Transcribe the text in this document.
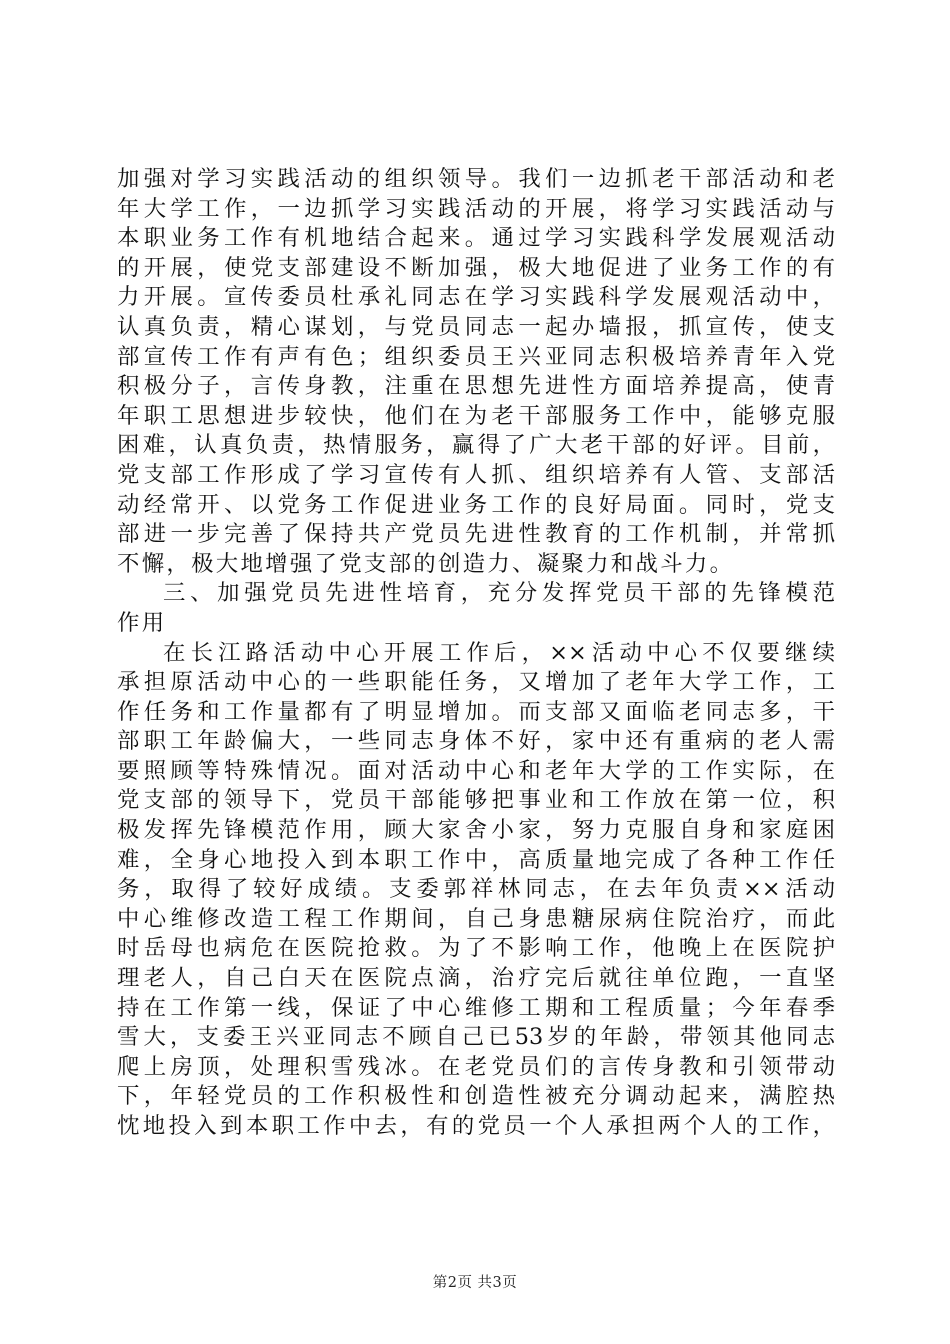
加强对学习实践活动的组织领导。我们一边抓老干部活动和老
年大学工作，一边抓学习实践活动的开展，将学习实践活动与
本职业务工作有机地结合起来。通过学习实践科学发展观活动
的开展，使党支部建设不断加强，极大地促进了业务工作的有
力开展。宣传委员杜承礼同志在学习实践科学发展观活动中，
认真负责，精心谋划，与党员同志一起办墙报，抓宣传，使支
部宣传工作有声有色；组织委员王兴亚同志积极培养青年入党
积极分子，言传身教，注重在思想先进性方面培养提高，使青
年职工思想进步较快，他们在为老干部服务工作中，能够克服
困难，认真负责，热情服务，赢得了广大老干部的好评。目前，
党支部工作形成了学习宣传有人抓、组织培养有人管、支部活
动经常开、以党务工作促进业务工作的良好局面。同时，党支
部进一步完善了保持共产党员先进性教育的工作机制，并常抓
不懈，极大地增强了党支部的创造力、凝聚力和战斗力。
三、加强党员先进性培育，充分发挥党员干部的先锋模范
作用
在长江路活动中心开展工作后，××活动中心不仅要继续
承担原活动中心的一些职能任务，又增加了老年大学工作，工
作任务和工作量都有了明显增加。而支部又面临老同志多，干
部职工年龄偏大，一些同志身体不好，家中还有重病的老人需
要照顾等特殊情况。面对活动中心和老年大学的工作实际，在
党支部的领导下，党员干部能够把事业和工作放在第一位，积
极发挥先锋模范作用，顾大家舍小家，努力克服自身和家庭困
难，全身心地投入到本职工作中，高质量地完成了各种工作任
务，取得了较好成绩。支委郭祥林同志，在去年负责××活动
中心维修改造工程工作期间，自己身患糖尿病住院治疗，而此
时岳母也病危在医院抢救。为了不影响工作，他晚上在医院护
理老人，自己白天在医院点滴，治疗完后就往单位跑，一直坚
持在工作第一线，保证了中心维修工期和工程质量；今年春季
雪大，支委王兴亚同志不顾自己已53岁的年龄，带领其他同志
爬上房顶，处理积雪残冰。在老党员们的言传身教和引领带动
下，年轻党员的工作积极性和创造性被充分调动起来，满腔热
忱地投入到本职工作中去，有的党员一个人承担两个人的工作，
第2页 共3页
